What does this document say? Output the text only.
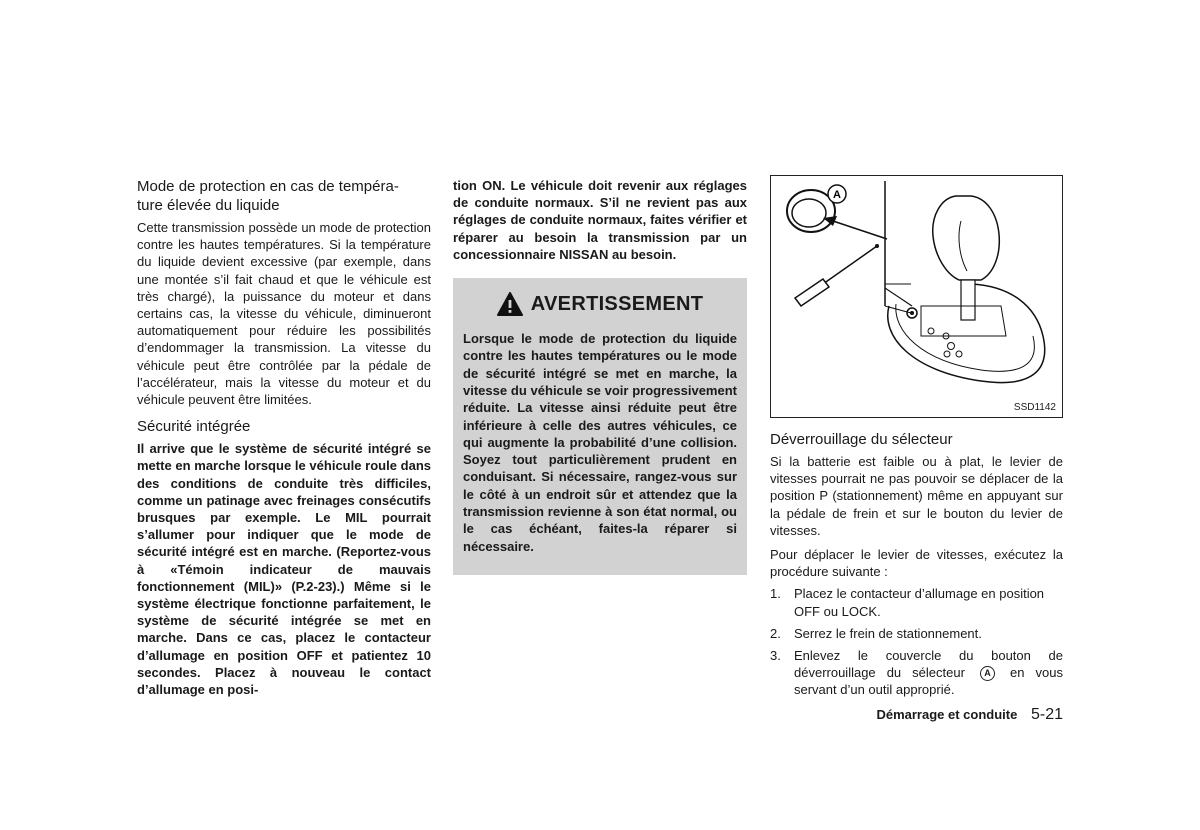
Mode de protection en cas de tempéra-
ture élevée du liquide

Cette transmission possède un mode de protection contre les hautes températures. Si la température du liquide devient excessive (par exemple, dans une montée s’il fait chaud et que le véhicule est très chargé), la puissance du moteur et dans certains cas, la vitesse du véhicule, diminueront automatiquement pour réduire les possibilités d’endommager la transmission. La vitesse du véhicule peut être contrôlée par la pédale de l’accélérateur, mais la vitesse du moteur et du véhicule peuvent être limitées.

Sécurité intégrée

Il arrive que le système de sécurité intégré se mette en marche lorsque le véhicule roule dans des conditions de conduite très difficiles, comme un patinage avec freinages consécutifs brusques par exemple. Le MIL pourrait s’allumer pour indiquer que le mode de sécurité intégré est en marche. (Reportez-vous à «Témoin indicateur de mauvais fonctionnement (MIL)» (P.2-23).) Même si le système électrique fonctionne parfaitement, le système de sécurité intégrée se met en marche. Dans ce cas, placez le contacteur d’allumage en position OFF et patientez 10 secondes. Placez à nouveau le contact d’allumage en posi-

tion ON. Le véhicule doit revenir aux réglages de conduite normaux. S’il ne revient pas aux réglages de conduite normaux, faites vérifier et réparer au besoin la transmission par un concessionnaire NISSAN au besoin.

AVERTISSEMENT
Lorsque le mode de protection du liquide contre les hautes températures ou le mode de sécurité intégré se met en marche, la vitesse du véhicule se voir progressivement réduite. La vitesse ainsi réduite peut être inférieure à celle des autres véhicules, ce qui augmente la probabilité d’une collision. Soyez tout particulièrement prudent en conduisant. Si nécessaire, rangez-vous sur le côté à un endroit sûr et attendez que la transmission revienne à son état normal, ou le cas échéant, faites-la réparer si nécessaire.
A
SSD1142
Déverrouillage du sélecteur

Si la batterie est faible ou à plat, le levier de vitesses pourrait ne pas pouvoir se déplacer de la position P (stationnement) même en appuyant sur la pédale de frein et sur le bouton du levier de vitesses.

Pour déplacer le levier de vitesses, exécutez la procédure suivante :

1.	Placez le contacteur d’allumage en position OFF ou LOCK.
2.	Serrez le frein de stationnement.
3.	Enlevez le couvercle du bouton de déverrouillage du sélecteur A en vous servant d’un outil approprié.
Démarrage et conduite 5-21
